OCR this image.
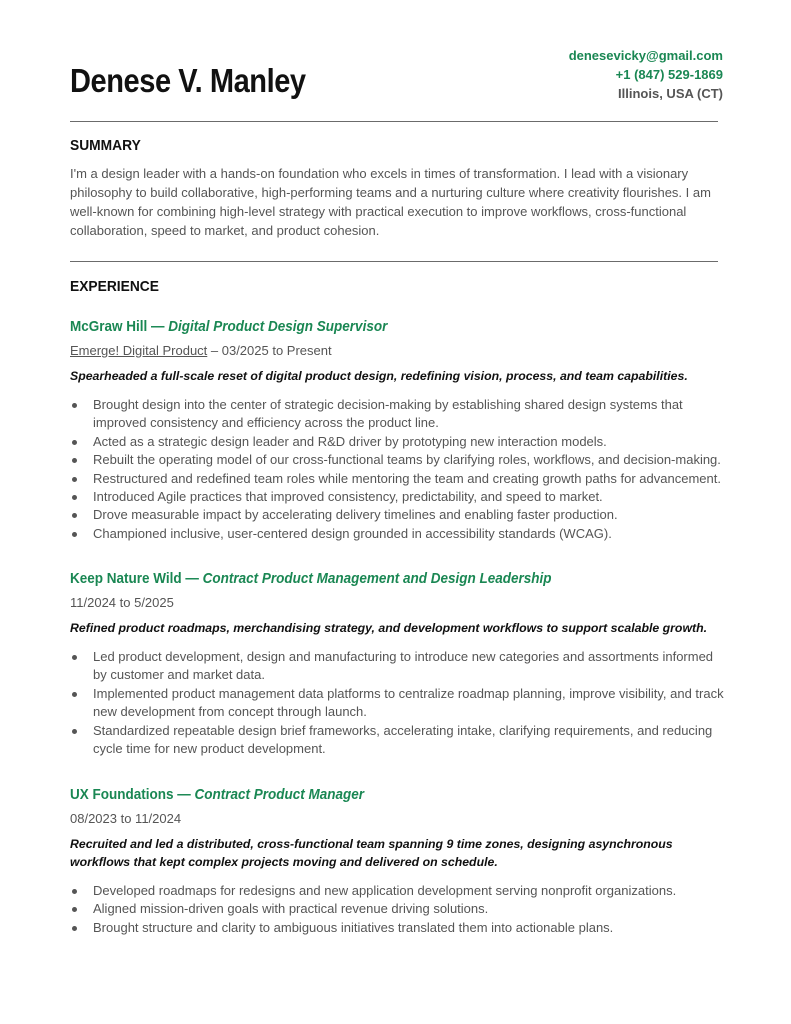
Denese V. Manley
denesevicky@gmail.com
+1 (847) 529-1869
Illinois, USA (CT)
SUMMARY

I'm a design leader with a hands-on foundation who excels in times of transformation. I lead with a visionary philosophy to build collaborative, high-performing teams and a nurturing culture where creativity flourishes. I am well-known for combining high-level strategy with practical execution to improve workflows, cross-functional collaboration, speed to market, and product cohesion.

EXPERIENCE
McGraw Hill — Digital Product Design Supervisor

Emerge! Digital Product – 03/2025 to Present

Spearheaded a full-scale reset of digital product design, redefining vision, process, and team capabilities.

Brought design into the center of strategic decision-making by establishing shared design systems that improved consistency and efficiency across the product line.
Acted as a strategic design leader and R&D driver by prototyping new interaction models.
Rebuilt the operating model of our cross-functional teams by clarifying roles, workflows, and decision-making.
Restructured and redefined team roles while mentoring the team and creating growth paths for advancement.
Introduced Agile practices that improved consistency, predictability, and speed to market.
Drove measurable impact by accelerating delivery timelines and enabling faster production.
Championed inclusive, user-centered design grounded in accessibility standards (WCAG).
Keep Nature Wild — Contract Product Management and Design Leadership

11/2024 to 5/2025

Refined product roadmaps, merchandising strategy, and development workflows to support scalable growth.

Led product development, design and manufacturing to introduce new categories and assortments informed by customer and market data.
Implemented product management data platforms to centralize roadmap planning, improve visibility, and track new development from concept through launch.
Standardized repeatable design brief frameworks, accelerating intake, clarifying requirements, and reducing cycle time for new product development.
UX Foundations — Contract Product Manager

08/2023 to 11/2024

Recruited and led a distributed, cross-functional team spanning 9 time zones, designing asynchronous workflows that kept complex projects moving and delivered on schedule.

Developed roadmaps for redesigns and new application development serving nonprofit organizations.
Aligned mission-driven goals with practical revenue driving solutions.
Brought structure and clarity to ambiguous initiatives translated them into actionable plans.
